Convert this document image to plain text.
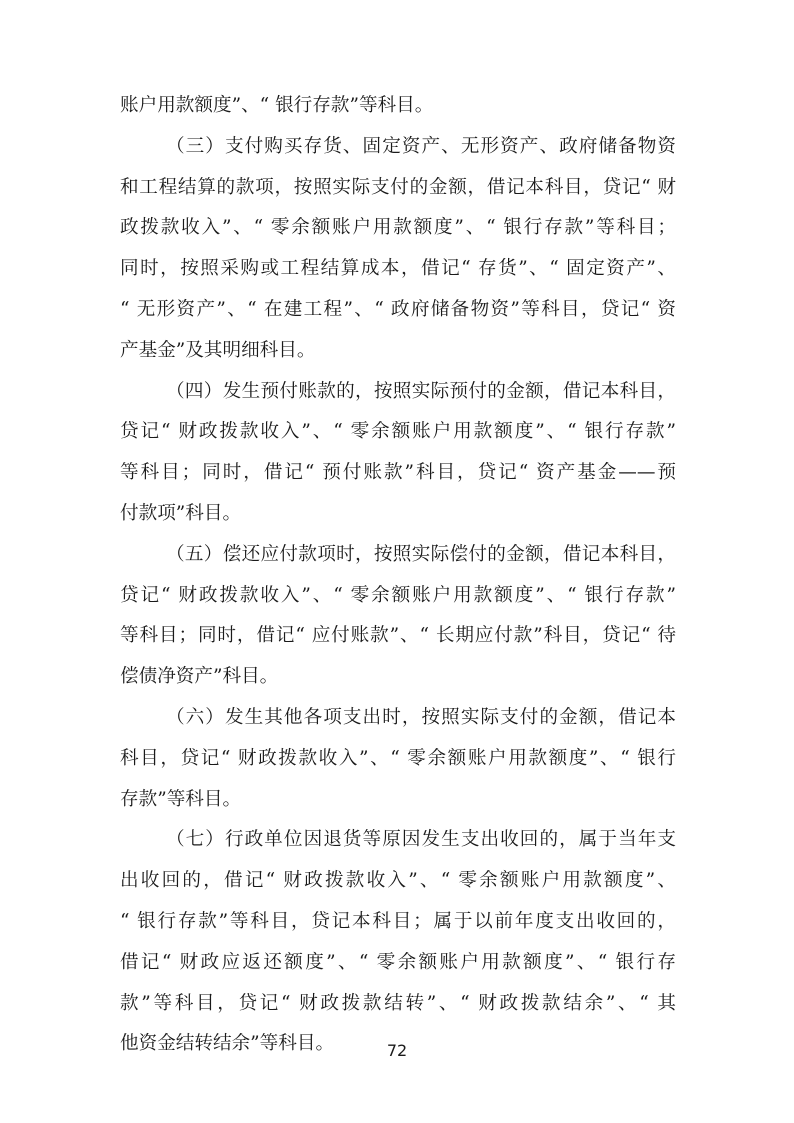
账户用款额度”、“ 银行存款”等科目。
（三）支付购买存货、固定资产、无形资产、政府储备物资
和工程结算的款项，按照实际支付的金额，借记本科目，贷记“ 财
政拨款收入”、“ 零余额账户用款额度”、“ 银行存款”等科目；
同时，按照采购或工程结算成本，借记“ 存货”、“ 固定资产”、
“ 无形资产”、“ 在建工程”、“ 政府储备物资”等科目，贷记“ 资
产基金”及其明细科目。
（四）发生预付账款的，按照实际预付的金额，借记本科目，
贷记“ 财政拨款收入”、“ 零余额账户用款额度”、“ 银行存款”
等科目；同时，借记“ 预付账款”科目，贷记“ 资产基金——预
付款项”科目。
（五）偿还应付款项时，按照实际偿付的金额，借记本科目，
贷记“ 财政拨款收入”、“ 零余额账户用款额度”、“ 银行存款”
等科目；同时，借记“ 应付账款”、“ 长期应付款”科目，贷记“ 待
偿债净资产”科目。
（六）发生其他各项支出时，按照实际支付的金额，借记本
科目，贷记“ 财政拨款收入”、“ 零余额账户用款额度”、“ 银行
存款”等科目。
（七）行政单位因退货等原因发生支出收回的，属于当年支
出收回的，借记“ 财政拨款收入”、“ 零余额账户用款额度”、
“ 银行存款”等科目，贷记本科目；属于以前年度支出收回的，
借记“ 财政应返还额度”、“ 零余额账户用款额度”、“ 银行存
款”等科目，贷记“ 财政拨款结转”、“ 财政拨款结余”、“ 其
他资金结转结余”等科目。	72
